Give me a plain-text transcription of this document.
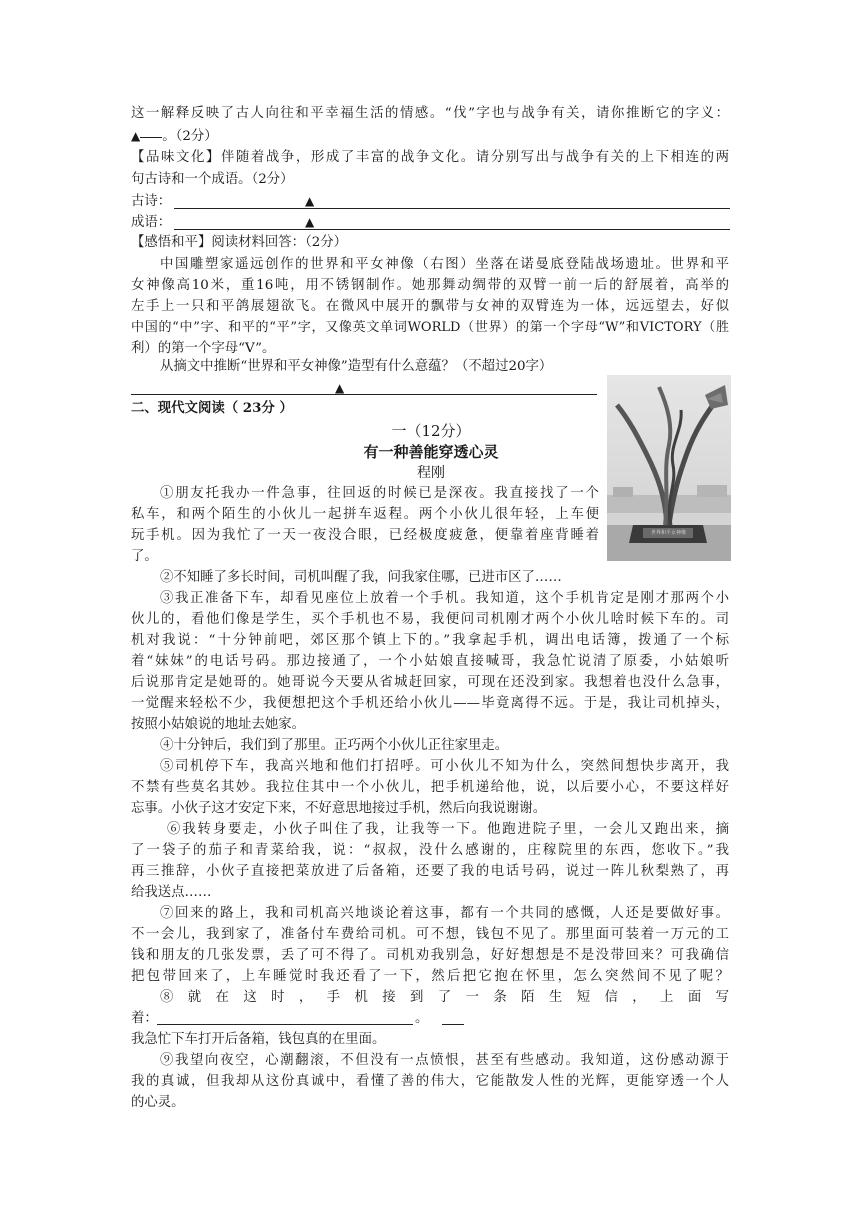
这一解释反映了古人向往和平幸福生活的情感。“伐”字也与战争有关，请你推断它的字义：
▲ 。（2分）
【品味文化】伴随着战争，形成了丰富的战争文化。请分别写出与战争有关的上下相连的两
句古诗和一个成语。（2分）
古诗：	▲
成语：	▲
【感悟和平】阅读材料回答：（2分）
中国雕塑家遥远创作的世界和平女神像（右图）坐落在诺曼底登陆战场遗址。世界和平
女神像高10米，重16吨，用不锈钢制作。她那舞动绸带的双臂一前一后的舒展着，高举的
左手上一只和平鸽展翅欲飞。在微风中展开的飘带与女神的双臂连为一体，远远望去，好似
中国的“中”字、和平的“平”字，又像英文单词WORLD（世界）的第一个字母“W”和VICTORY（胜
利）的第一个字母“V”。
从摘文中推断“世界和平女神像”造型有什么意蕴？（不超过20字）
▲
世界和平女神像
二、现代文阅读（ 23分 ）
一（12分）
有一种善能穿透心灵
程刚
①朋友托我办一件急事，往回返的时候已是深夜。我直接找了一个
私车，和两个陌生的小伙儿一起拼车返程。两个小伙儿很年轻，上车便
玩手机。因为我忙了一天一夜没合眼，已经极度疲惫，便靠着座背睡着
了。
②不知睡了多长时间，司机叫醒了我，问我家住哪，已进市区了……
③我正准备下车，却看见座位上放着一个手机。我知道，这个手机肯定是刚才那两个小
伙儿的，看他们像是学生，买个手机也不易，我便问司机刚才两个小伙儿啥时候下车的。司
机对我说：“十分钟前吧，郊区那个镇上下的。”我拿起手机，调出电话簿，拨通了一个标
着“妹妹”的电话号码。那边接通了，一个小姑娘直接喊哥，我急忙说清了原委，小姑娘听
后说那肯定是她哥的。她哥说今天要从省城赶回家，可现在还没到家。我想着也没什么急事，
一觉醒来轻松不少，我便想把这个手机还给小伙儿——毕竟离得不远。于是，我让司机掉头，
按照小姑娘说的地址去她家。
④十分钟后，我们到了那里。正巧两个小伙儿正往家里走。
⑤司机停下车，我高兴地和他们打招呼。可小伙儿不知为什么，突然间想快步离开，我
不禁有些莫名其妙。我拉住其中一个小伙儿，把手机递给他，说，以后要小心，不要这样好
忘事。小伙子这才安定下来，不好意思地接过手机，然后向我说谢谢。
⑥我转身要走，小伙子叫住了我，让我等一下。他跑进院子里，一会儿又跑出来，摘
了一袋子的茄子和青菜给我，说：“叔叔，没什么感谢的，庄稼院里的东西，您收下。”我
再三推辞，小伙子直接把菜放进了后备箱，还要了我的电话号码，说过一阵儿秋梨熟了，再
给我送点……
⑦回来的路上，我和司机高兴地谈论着这事，都有一个共同的感慨，人还是要做好事。
不一会儿，我到家了，准备付车费给司机。可不想，钱包不见了。那里面可装着一万元的工
钱和朋友的几张发票，丢了可不得了。司机劝我别急，好好想想是不是没带回来？可我确信
把包带回来了，上车睡觉时我还看了一下，然后把它抱在怀里，怎么突然间不见了呢？
⑧就在这时，手机接到了一条陌生短信，上面写
着：	。
我急忙下车打开后备箱，钱包真的在里面。
⑨我望向夜空，心潮翻滚，不但没有一点愤恨，甚至有些感动。我知道，这份感动源于
我的真诚，但我却从这份真诚中，看懂了善的伟大，它能散发人性的光辉，更能穿透一个人
的心灵。
